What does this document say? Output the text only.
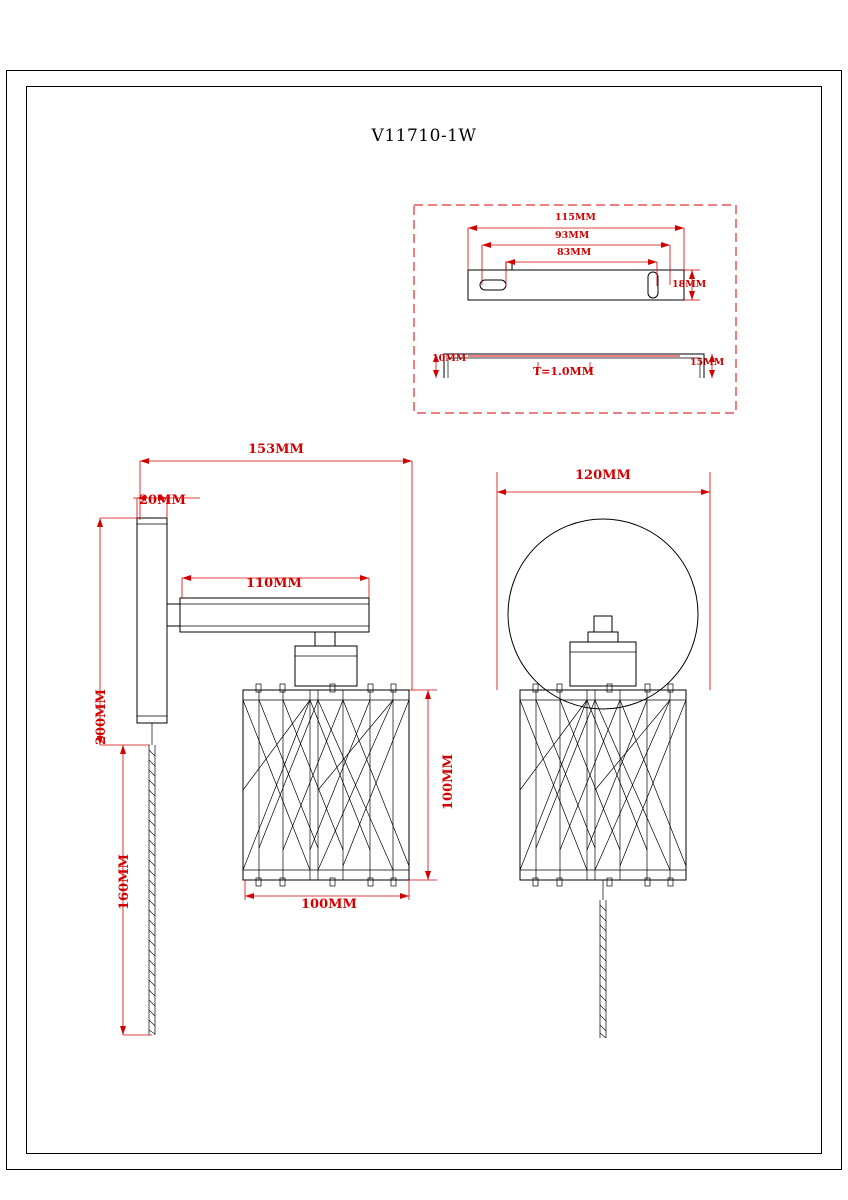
V11710-1W
115MM
93MM
83MM
18MM
10MM	15MM
T=1.0MM
153MM
20MM
110MM
200MM
160MM
100MM
100MM
120MM
